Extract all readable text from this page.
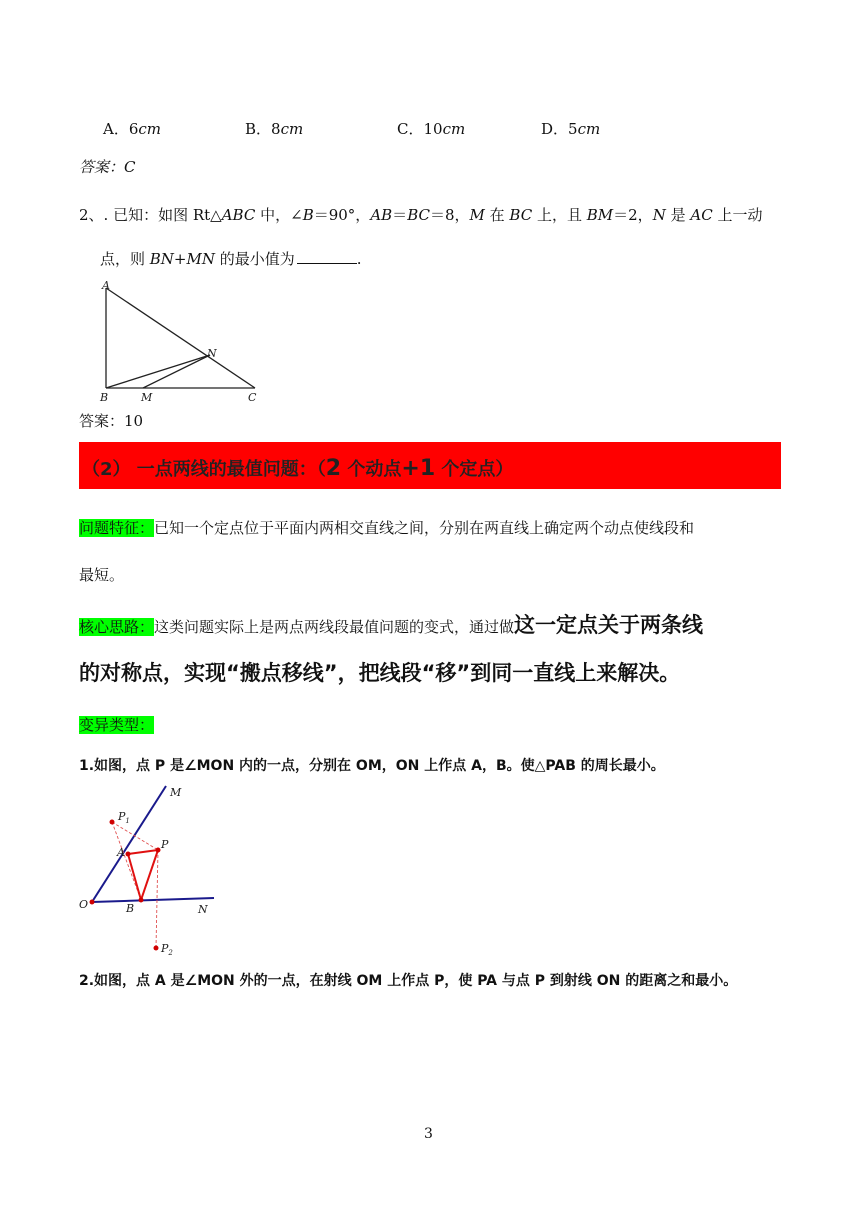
A．6cm	B．8cm	C．10cm	D．5cm
答案：C
2、. 已知：如图 Rt△ABC 中，∠B＝90°，AB＝BC＝8，M 在 BC 上，且 BM＝2，N 是 AC 上一动
点，则 BN+MN 的最小值为	.
A
B	M
N
C
答案：10
（2） 一点两线的最值问题：（2 个动点+1 个定点）
问题特征：已知一个定点位于平面内两相交直线之间，分别在两直线上确定两个动点使线段和
最短。
核心思路：这类问题实际上是两点两线段最值问题的变式，通过做这一定点关于两条线
的对称点，实现“搬点移线”，把线段“移”到同一直线上来解决。
变异类型：
1.如图，点 P 是∠MON 内的一点，分别在 OM，ON 上作点 A，B。使△PAB 的周长最小。
M
$P_1$
A
P
O	B	N
$P_2$
2.如图，点 A 是∠MON 外的一点，在射线 OM 上作点 P，使 PA 与点 P 到射线 ON 的距离之和最小。
3
